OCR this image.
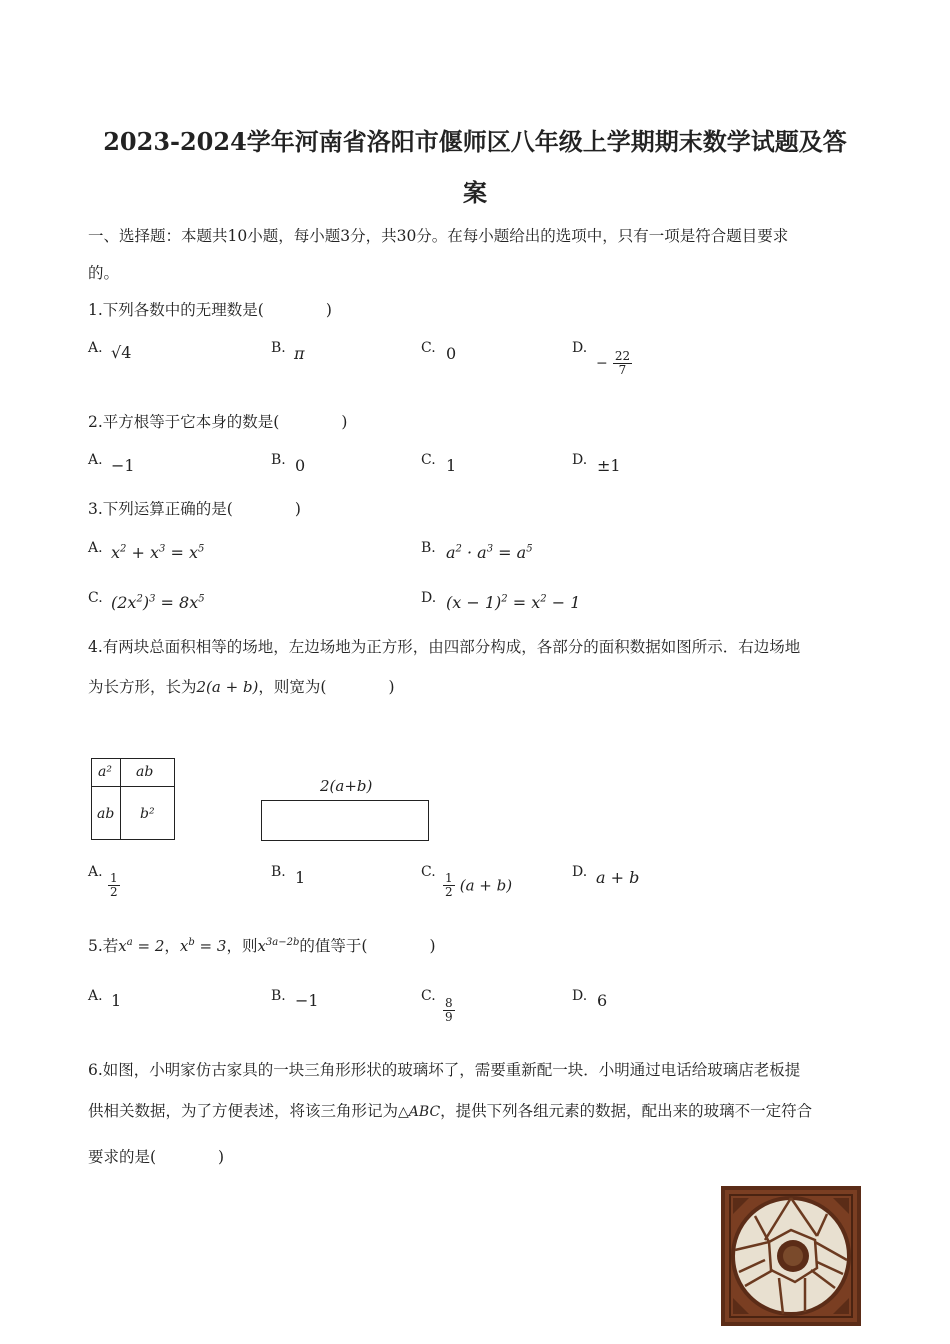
2023-2024学年河南省洛阳市偃师区八年级上学期期末数学试题及答
案
一、选择题：本题共10小题，每小题3分，共30分。在每小题给出的选项中，只有一项是符合题目要求
的。
1.下列各数中的无理数是(　　　　)
A. √4	B. π	C. 0	D.
− $\frac{22}{7}$
2.平方根等于它本身的数是(　　　　)
A. −1	B. 0	C. 1	D. ±1
3.下列运算正确的是(　　　　)
A. $x^2 + x^3 = x^5$	B. $a^2 \cdot a^3 = a^5$
C. $(2x^2)^3 = 8x^5$	D. $(x - 1)^2 = x^2 - 1$
4.有两块总面积相等的场地，左边场地为正方形，由四部分构成，各部分的面积数据如图所示．右边场地
为长方形，长为2(a + b)，则宽为(　　　　)
a² ab
ab b²
2(a+b)
A. $\frac{1}{2}$	B. 1	C. $\frac{1}{2} (a + b)$
D. a + b
5.若$x^a = 2$，$x^b = 3$，则$x^{3a-2b}$的值等于(　　　　)
A. 1	B. −1	C.
$\frac{8}{9}$
D. 6
6.如图，小明家仿古家具的一块三角形形状的玻璃坏了，需要重新配一块．小明通过电话给玻璃店老板提
供相关数据，为了方便表述，将该三角形记为△ABC，提供下列各组元素的数据，配出来的玻璃不一定符合
要求的是(　　　　)
